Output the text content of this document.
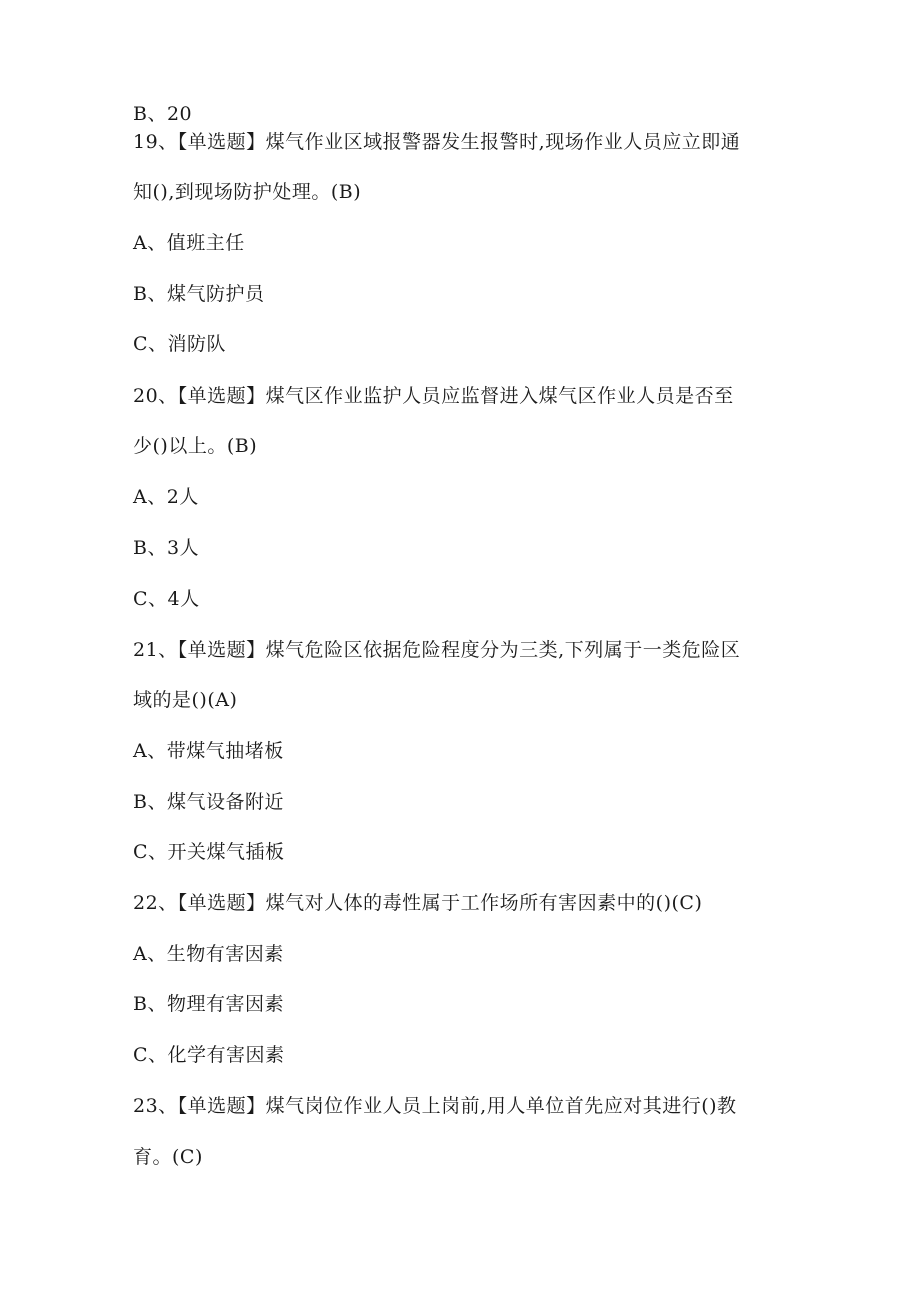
B、20
19、【单选题】煤气作业区域报警器发生报警时,现场作业人员应立即通
知(),到现场防护处理。(B)
A、值班主任
B、煤气防护员
C、消防队
20、【单选题】煤气区作业监护人员应监督进入煤气区作业人员是否至
少()以上。(B)
A、2人
B、3人
C、4人
21、【单选题】煤气危险区依据危险程度分为三类,下列属于一类危险区
域的是()(A)
A、带煤气抽堵板
B、煤气设备附近
C、开关煤气插板
22、【单选题】煤气对人体的毒性属于工作场所有害因素中的()(C)
A、生物有害因素
B、物理有害因素
C、化学有害因素
23、【单选题】煤气岗位作业人员上岗前,用人单位首先应对其进行()教
育。(C)
